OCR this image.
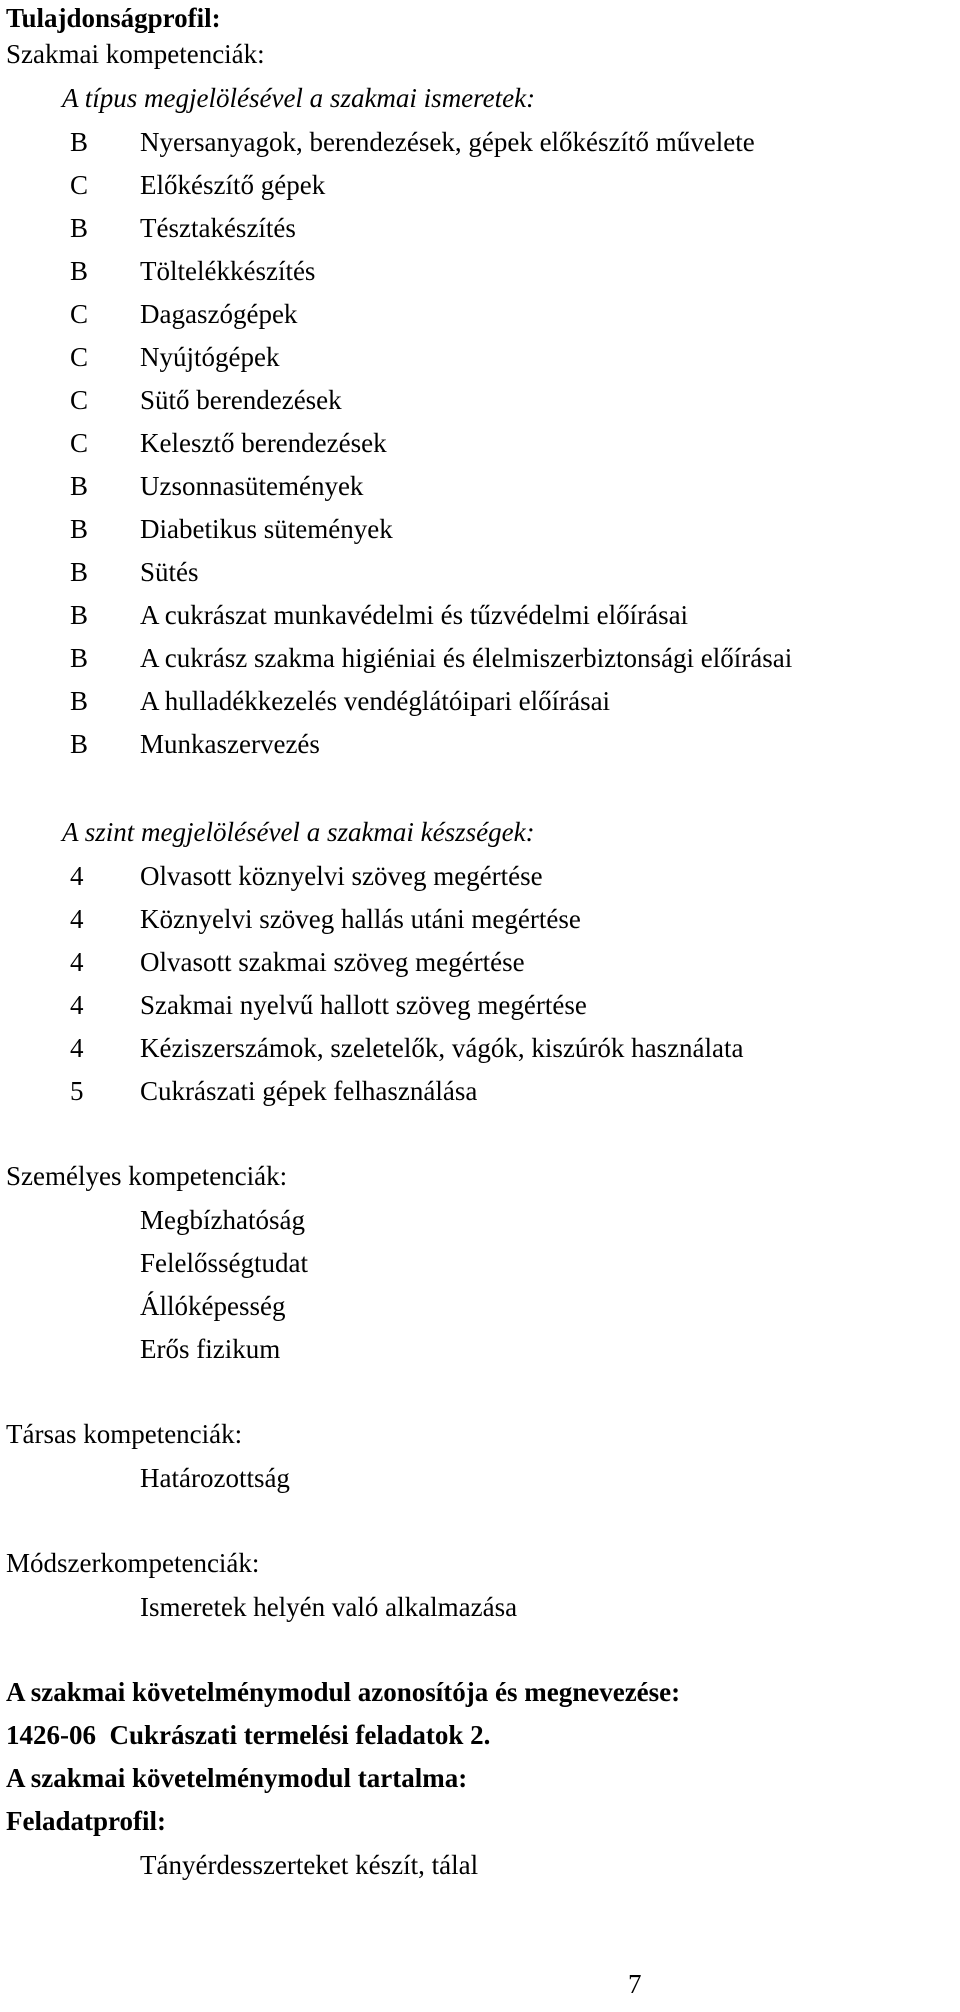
Tulajdonságprofil:
Szakmai kompetenciák:
A típus megjelölésével a szakmai ismeretek:
B	Nyersanyagok, berendezések, gépek előkészítő művelete
C	Előkészítő gépek
B	Tésztakészítés
B	Töltelékkészítés
C	Dagaszógépek
C	Nyújtógépek
C	Sütő berendezések
C	Kelesztő berendezések
B	Uzsonnasütemények
B	Diabetikus sütemények
B	Sütés
B	A cukrászat munkavédelmi és tűzvédelmi előírásai
B	A cukrász szakma higiéniai és élelmiszerbiztonsági előírásai
B	A hulladékkezelés vendéglátóipari előírásai
B	Munkaszervezés
A szint megjelölésével a szakmai készségek:
4	Olvasott köznyelvi szöveg megértése
4	Köznyelvi szöveg hallás utáni megértése
4	Olvasott szakmai szöveg megértése
4	Szakmai nyelvű hallott szöveg megértése
4	Kéziszerszámok, szeletelők, vágók, kiszúrók használata
5	Cukrászati gépek felhasználása
Személyes kompetenciák:
Megbízhatóság
Felelősségtudat
Állóképesség
Erős fizikum
Társas kompetenciák:
Határozottság
Módszerkompetenciák:
Ismeretek helyén való alkalmazása
A szakmai követelménymodul azonosítója és megnevezése:
1426-06  Cukrászati termelési feladatok 2.
A szakmai követelménymodul tartalma:
Feladatprofil:
Tányérdesszerteket készít, tálal
7
